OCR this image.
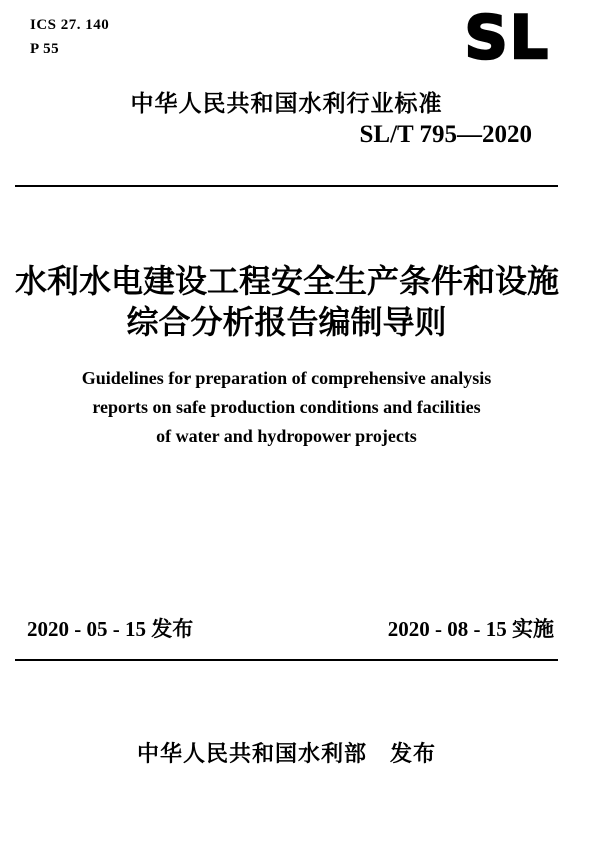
ICS 27. 140
P 55	SL
中华人民共和国水利行业标准
SL/T 795—2020
水利水电建设工程安全生产条件和设施
综合分析报告编制导则
Guidelines for preparation of comprehensive analysis
reports on safe production conditions and facilities
of water and hydropower projects
2020 - 05 - 15 发布	2020 - 08 - 15 实施
中华人民共和国水利部　发布
